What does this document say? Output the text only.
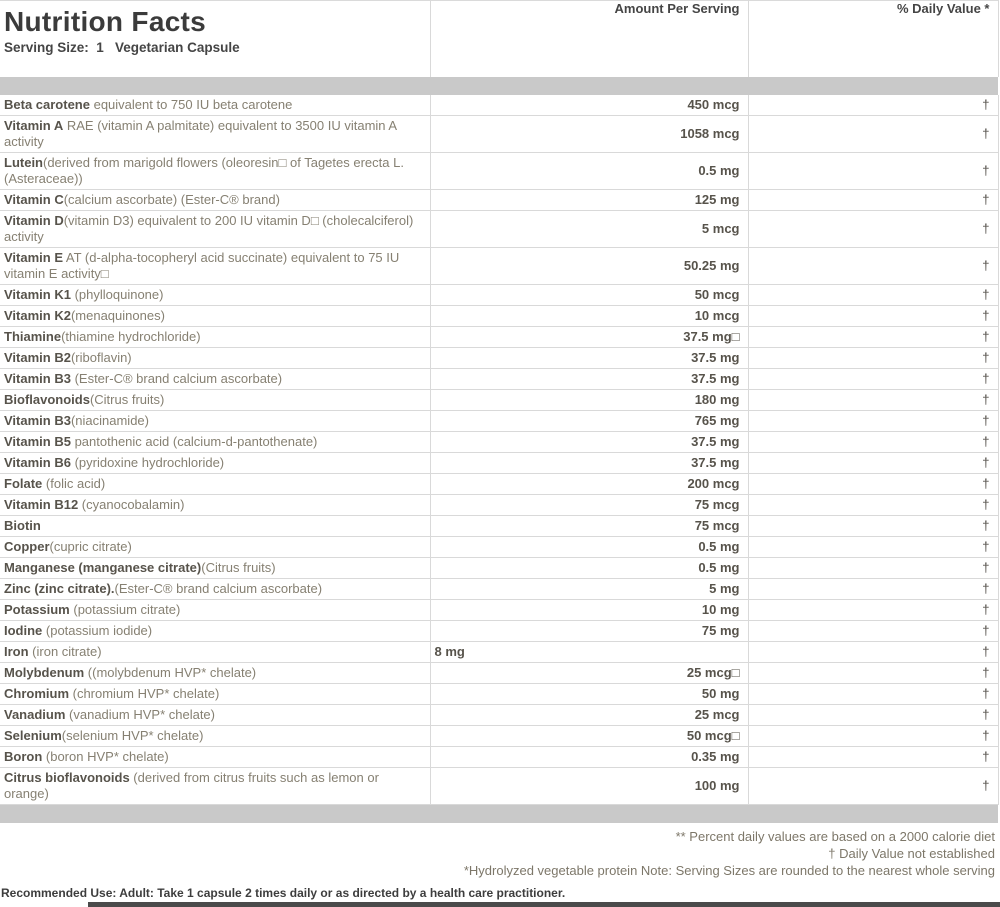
Nutrition Facts
Serving Size:  1   Vegetarian Capsule	Amount Per Serving	% Daily Value *

Beta carotene equivalent to 750 IU beta carotene	450 mcg	†
Vitamin A RAE (vitamin A palmitate) equivalent to 3500 IU vitamin A activity	1058 mcg	†
Lutein(derived from marigold flowers (oleoresin□ of Tagetes erecta L. (Asteraceae))	0.5 mg	†
Vitamin C(calcium ascorbate) (Ester-C® brand)	125 mg	†
Vitamin D(vitamin D3) equivalent to 200 IU vitamin D□ (cholecalciferol) activity	5 mcg	†
Vitamin E AT (d-alpha-tocopheryl acid succinate) equivalent to 75 IU vitamin E activity□	50.25 mg	†
Vitamin K1 (phylloquinone)	50 mcg	†
Vitamin K2(menaquinones)	10 mcg	†
Thiamine(thiamine hydrochloride)	37.5 mg□	†
Vitamin B2(riboflavin)	37.5 mg	†
Vitamin B3 (Ester-C® brand calcium ascorbate)	37.5 mg	†
Bioflavonoids(Citrus fruits)	180 mg	†
Vitamin B3(niacinamide)	765 mg	†
Vitamin B5 pantothenic acid (calcium-d-pantothenate)	37.5 mg	†
Vitamin B6 (pyridoxine hydrochloride)	37.5 mg	†
Folate (folic acid)	200 mcg	†
Vitamin B12 (cyanocobalamin)	75 mcg	†
Biotin	75 mcg	†
Copper(cupric citrate)	0.5 mg	†
Manganese (manganese citrate)(Citrus fruits)	0.5 mg	†
Zinc (zinc citrate).(Ester-C® brand calcium ascorbate)	5 mg	†
Potassium (potassium citrate)	10 mg	†
Iodine (potassium iodide)	75 mg	†
Iron (iron citrate)	8 mg	†
Molybdenum ((molybdenum HVP* chelate)	25 mcg□	†
Chromium (chromium HVP* chelate)	50 mg	†
Vanadium (vanadium HVP* chelate)	25 mcg	†
Selenium(selenium HVP* chelate)	50 mcg□	†
Boron (boron HVP* chelate)	0.35 mg	†
Citrus bioflavonoids (derived from citrus fruits such as lemon or orange)	100 mg	†

** Percent daily values are based on a 2000 calorie diet
† Daily Value not established
*Hydrolyzed vegetable protein Note: Serving Sizes are rounded to the nearest whole serving
Recommended Use: Adult: Take 1 capsule 2 times daily or as directed by a health care practitioner.
